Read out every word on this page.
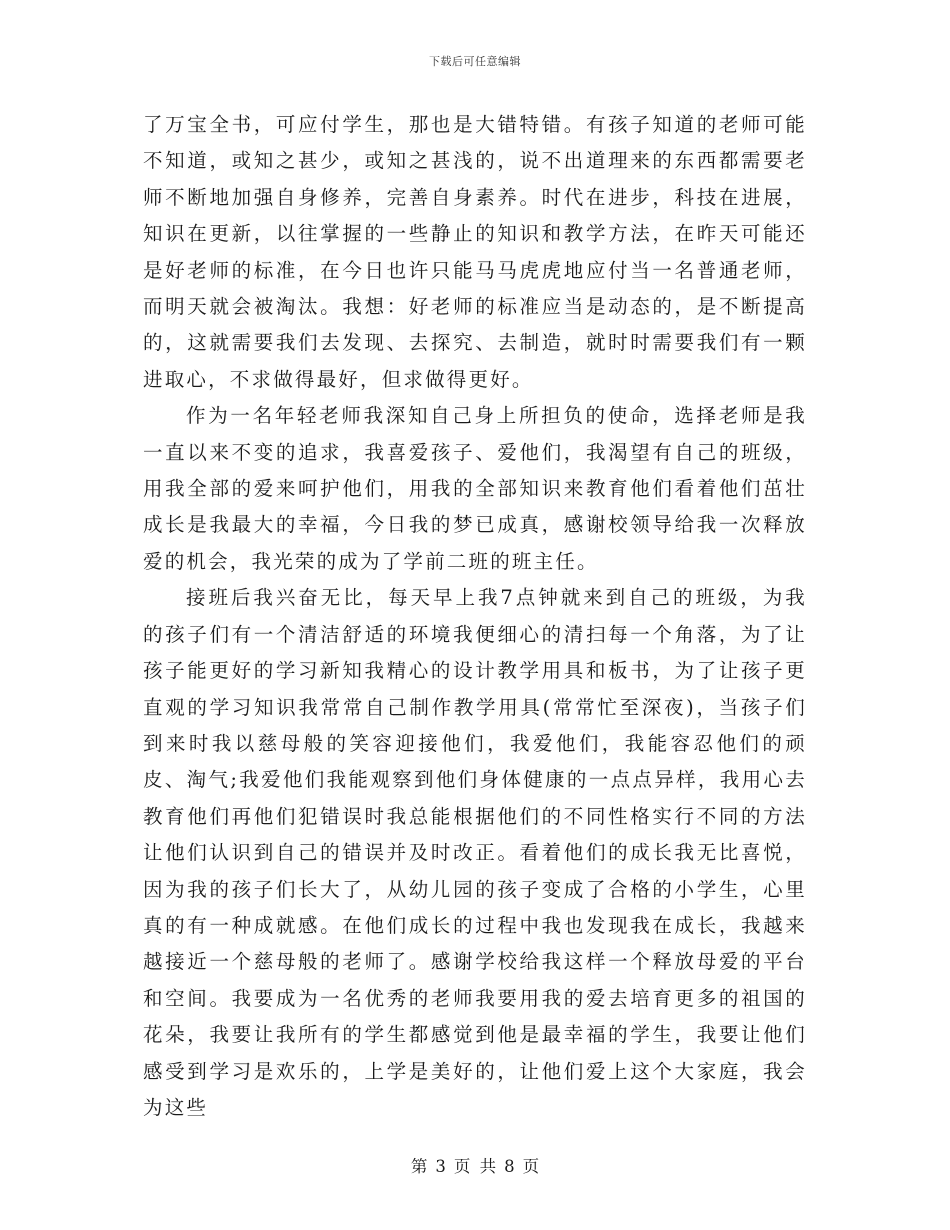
下载后可任意编辑

了万宝全书，可应付学生，那也是大错特错。有孩子知道的老师可能不知道，或知之甚少，或知之甚浅的，说不出道理来的东西都需要老师不断地加强自身修养，完善自身素养。时代在进步，科技在进展，知识在更新，以往掌握的一些静止的知识和教学方法，在昨天可能还是好老师的标准，在今日也许只能马马虎虎地应付当一名普通老师，而明天就会被淘汰。我想：好老师的标准应当是动态的，是不断提高的，这就需要我们去发现、去探究、去制造，就时时需要我们有一颗进取心，不求做得最好，但求做得更好。

作为一名年轻老师我深知自己身上所担负的使命，选择老师是我一直以来不变的追求，我喜爱孩子、爱他们，我渴望有自己的班级，用我全部的爱来呵护他们，用我的全部知识来教育他们看着他们茁壮成长是我最大的幸福，今日我的梦已成真，感谢校领导给我一次释放爱的机会，我光荣的成为了学前二班的班主任。

接班后我兴奋无比，每天早上我7点钟就来到自己的班级，为我的孩子们有一个清洁舒适的环境我便细心的清扫每一个角落，为了让孩子能更好的学习新知我精心的设计教学用具和板书，为了让孩子更直观的学习知识我常常自己制作教学用具(常常忙至深夜)，当孩子们到来时我以慈母般的笑容迎接他们，我爱他们，我能容忍他们的顽皮、淘气;我爱他们我能观察到他们身体健康的一点点异样，我用心去教育他们再他们犯错误时我总能根据他们的不同性格实行不同的方法让他们认识到自己的错误并及时改正。看着他们的成长我无比喜悦，因为我的孩子们长大了，从幼儿园的孩子变成了合格的小学生，心里真的有一种成就感。在他们成长的过程中我也发现我在成长，我越来越接近一个慈母般的老师了。感谢学校给我这样一个释放母爱的平台和空间。我要成为一名优秀的老师我要用我的爱去培育更多的祖国的花朵，我要让我所有的学生都感觉到他是最幸福的学生，我要让他们感受到学习是欢乐的，上学是美好的，让他们爱上这个大家庭，我会为这些

第 3 页 共 8 页
